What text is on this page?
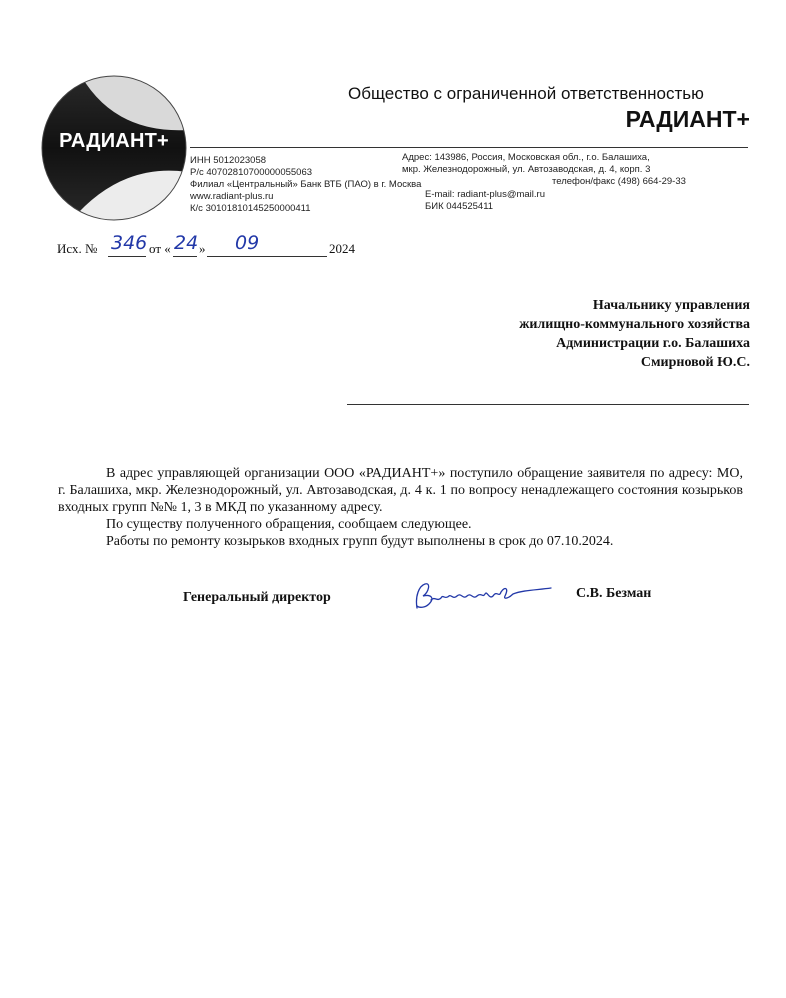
РАДИАНТ+
Общество с ограниченной ответственностью
РАДИАНТ+
ИНН 5012023058
Р/с 40702810700000055063
Филиал «Центральный» Банк ВТБ (ПАО) в г. Москва
www.radiant-plus.ru
К/с 30101810145250000411
Адрес: 143986, Россия, Московская обл., г.о. Балашиха,
мкр. Железнодорожный, ул. Автозаводская, д. 4, корп. 3
телефон/факс (498) 664-29-33
E-mail: radiant-plus@mail.ru
БИК 044525411
Исх. № 346 от « 24 » 09	2024
Начальнику управления
жилищно-коммунального хозяйства
Администрации г.о. Балашиха
Смирновой Ю.С.

В адрес управляющей организации ООО «РАДИАНТ+» поступило обращение заявителя по адресу: МО, г. Балашиха, мкр. Железнодорожный, ул. Автозаводская, д. 4 к. 1 по вопросу ненадлежащего состояния козырьков входных групп №№ 1, 3 в МКД по указанному адресу.

По существу полученного обращения, сообщаем следующее.

Работы по ремонту козырьков входных групп будут выполнены в срок до 07.10.2024.

Генеральный директор	С.В. Безман
